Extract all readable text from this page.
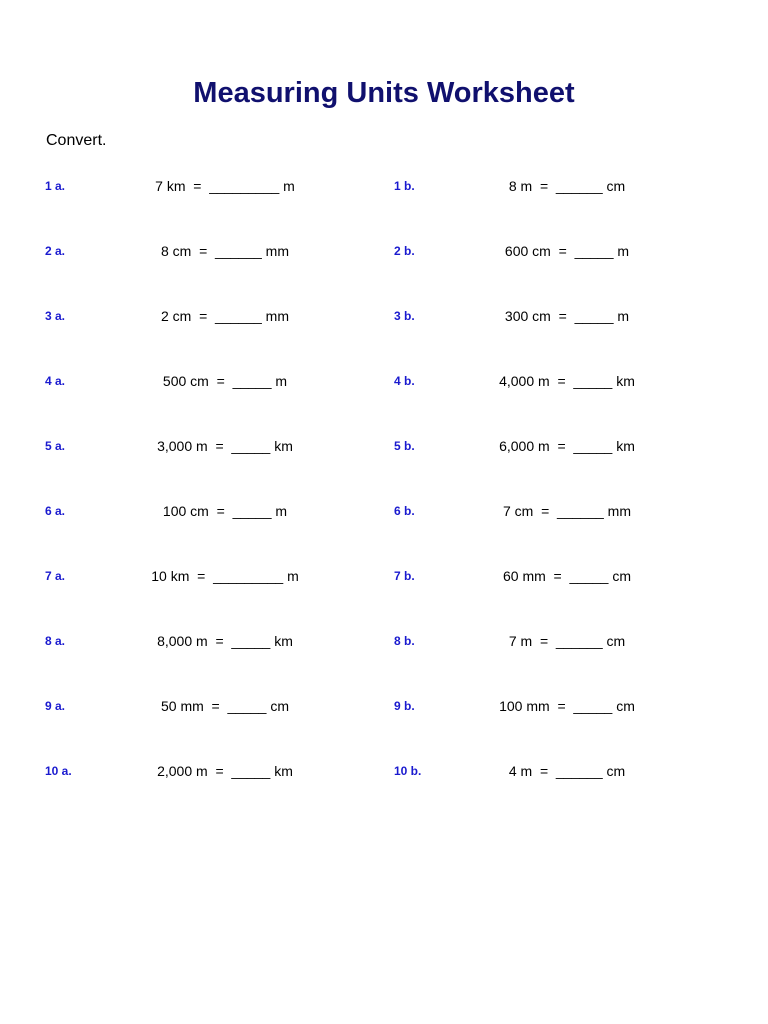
Measuring Units Worksheet
Convert.
1 a.	7 km  =  _________ m	1 b.	8 m  =  ______ cm
2 a.	8 cm  =  ______ mm	2 b.	600 cm  =  _____ m
3 a.	2 cm  =  ______ mm	3 b.	300 cm  =  _____ m
4 a.	500 cm  =  _____ m	4 b.	4,000 m  =  _____ km
5 a.	3,000 m  =  _____ km	5 b.	6,000 m  =  _____ km
6 a.	100 cm  =  _____ m	6 b.	7 cm  =  ______ mm
7 a.	10 km  =  _________ m	7 b.	60 mm  =  _____ cm
8 a.	8,000 m  =  _____ km	8 b.	7 m  =  ______ cm
9 a.	50 mm  =  _____ cm	9 b.	100 mm  =  _____ cm
10 a.	2,000 m  =  _____ km	10 b.	4 m  =  ______ cm
